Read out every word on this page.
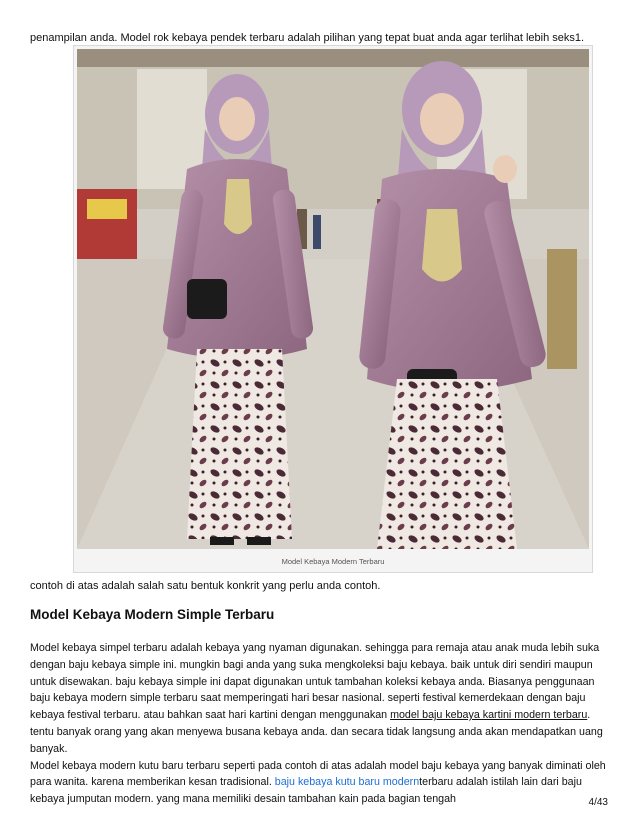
penampilan anda. Model rok kebaya pendek terbaru adalah pilihan yang tepat buat anda agar terlihat lebih seks1.
Model Kebaya Modern Terbaru
contoh di atas adalah salah satu bentuk konkrit yang perlu anda contoh.
Model Kebaya Modern Simple Terbaru

Model kebaya simpel terbaru adalah kebaya yang nyaman digunakan. sehingga para remaja atau anak muda lebih suka dengan baju kebaya simple ini. mungkin bagi anda yang suka mengkoleksi baju kebaya. baik untuk diri sendiri maupun untuk disewakan. baju kebaya simple ini dapat digunakan untuk tambahan koleksi kebaya anda. Biasanya penggunaan baju kebaya modern simple terbaru saat memperingati hari besar nasional. seperti festival kemerdekaan dengan baju kebaya festival terbaru. atau bahkan saat hari kartini dengan menggunakan model baju kebaya kartini modern terbaru. tentu banyak orang yang akan menyewa busana kebaya anda. dan secara tidak langsung anda akan mendapatkan uang banyak.

Model kebaya modern kutu baru terbaru seperti pada contoh di atas adalah model baju kebaya yang banyak diminati oleh para wanita. karena memberikan kesan tradisional. baju kebaya kutu baru modernterbaru adalah istilah lain dari baju kebaya jumputan modern. yang mana memiliki desain tambahan kain pada bagian tengah	4/43
